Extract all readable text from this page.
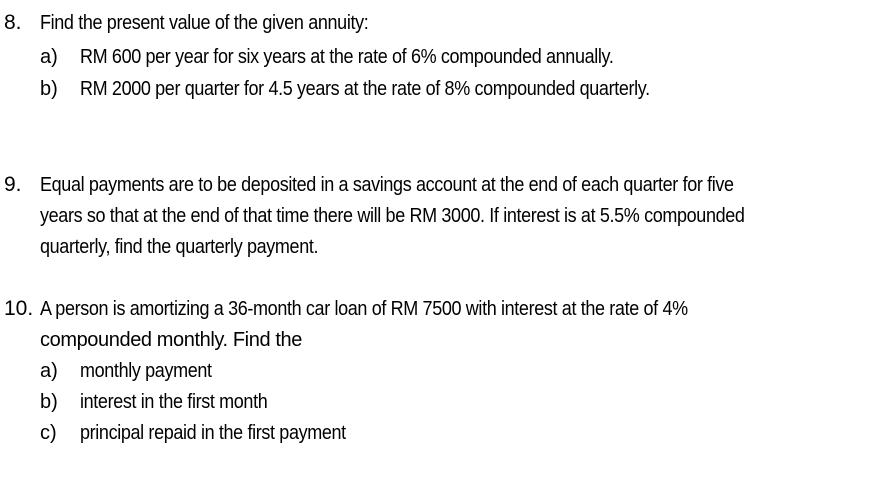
8. Find the present value of the given annuity:
a) RM 600 per year for six years at the rate of 6% compounded annually.
b) RM 2000 per quarter for 4.5 years at the rate of 8% compounded quarterly.
9. Equal payments are to be deposited in a savings account at the end of each quarter for five
years so that at the end of that time there will be RM 3000. If interest is at 5.5% compounded
quarterly, find the quarterly payment.
10. A person is amortizing a 36-month car loan of RM 7500 with interest at the rate of 4%
compounded monthly. Find the
a) monthly payment
b) interest in the first month
c) principal repaid in the first payment
